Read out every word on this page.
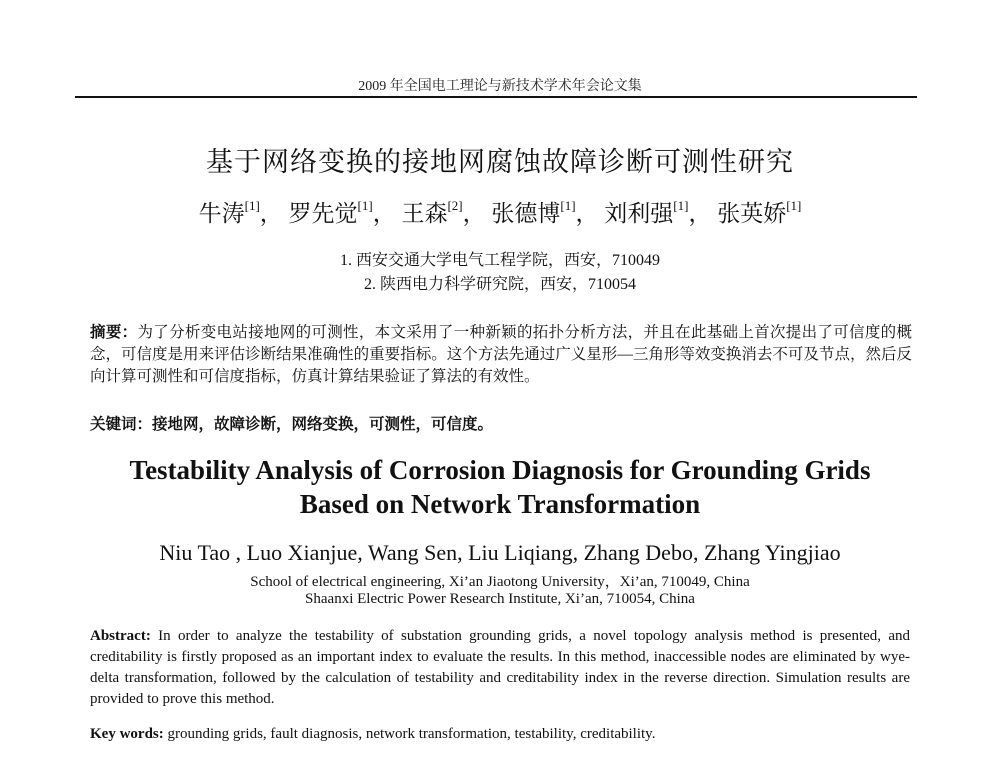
2009 年全国电工理论与新技术学术年会论文集
基于网络变换的接地网腐蚀故障诊断可测性研究
牛涛[1]， 罗先觉[1]， 王森[2]， 张德博[1]， 刘利强[1]， 张英娇[1]
1. 西安交通大学电气工程学院，西安，710049
2. 陕西电力科学研究院，西安，710054
摘要：为了分析变电站接地网的可测性，本文采用了一种新颖的拓扑分析方法，并且在此基础上首次提出了可信度的概念，可信度是用来评估诊断结果准确性的重要指标。这个方法先通过广义星形—三角形等效变换消去不可及节点，然后反向计算可测性和可信度指标，仿真计算结果验证了算法的有效性。
关键词：接地网，故障诊断，网络变换，可测性，可信度。
Testability Analysis of Corrosion Diagnosis for Grounding Grids
Based on Network Transformation
Niu Tao , Luo Xianjue, Wang Sen, Liu Liqiang, Zhang Debo, Zhang Yingjiao
School of electrical engineering, Xi’an Jiaotong University，Xi’an, 710049, China
Shaanxi Electric Power Research Institute, Xi’an, 710054, China
Abstract: In order to analyze the testability of substation grounding grids, a novel topology analysis method is presented, and creditability is firstly proposed as an important index to evaluate the results. In this method, inaccessible nodes are eliminated by wye-delta transformation, followed by the calculation of testability and creditability index in the reverse direction. Simulation results are provided to prove this method.
Key words: grounding grids, fault diagnosis, network transformation, testability, creditability.
